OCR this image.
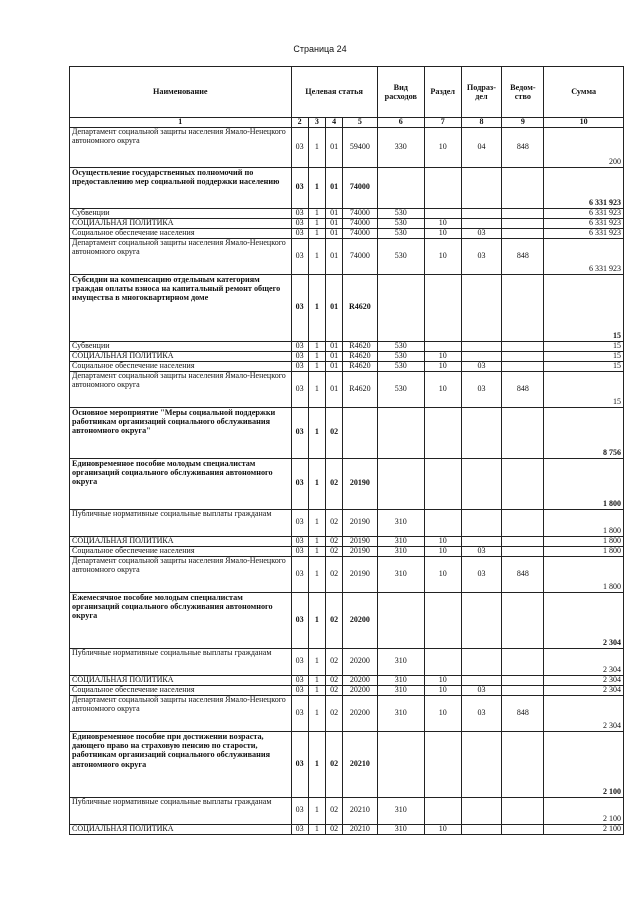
Страница 24
Наименование	Целевая статья				Вид расходов	Раздел	Подраз-дел	Ведом-ство	Сумма
1	2	3	4	5	6	7	8	9	10
Департамент социальной защиты населения Ямало-Ненецкого автономного округа	03	1	01	59400	330	10	04	848	200
Осуществление государственных полномочий по предоставлению мер социальной поддержки населению	03	1	01	74000					6 331 923
Субвенции	03	1	01	74000	530				6 331 923
СОЦИАЛЬНАЯ ПОЛИТИКА	03	1	01	74000	530	10			6 331 923
Социальное обеспечение населения	03	1	01	74000	530	10	03		6 331 923
Департамент социальной защиты населения Ямало-Ненецкого автономного округа	03	1	01	74000	530	10	03	848	6 331 923
Субсидии на компенсацию отдельным категориям граждан оплаты взноса на капитальный ремонт общего имущества в многоквартирном доме	03	1	01	R4620					15
Субвенции	03	1	01	R4620	530				15
СОЦИАЛЬНАЯ ПОЛИТИКА	03	1	01	R4620	530	10			15
Социальное обеспечение населения	03	1	01	R4620	530	10	03		15
Департамент социальной защиты населения Ямало-Ненецкого автономного округа	03	1	01	R4620	530	10	03	848	15
Основное мероприятие "Меры социальной поддержки работникам организаций социального обслуживания автономного округа"	03	1	02						8 756
Единовременное пособие молодым специалистам организаций социального обслуживания автономного округа	03	1	02	20190					1 800
Публичные нормативные социальные выплаты гражданам	03	1	02	20190	310				1 800
СОЦИАЛЬНАЯ ПОЛИТИКА	03	1	02	20190	310	10			1 800
Социальное обеспечение населения	03	1	02	20190	310	10	03		1 800
Департамент социальной защиты населения Ямало-Ненецкого автономного округа	03	1	02	20190	310	10	03	848	1 800
Ежемесячное пособие молодым специалистам организаций социального обслуживания автономного округа	03	1	02	20200					2 304
Публичные нормативные социальные выплаты гражданам	03	1	02	20200	310				2 304
СОЦИАЛЬНАЯ ПОЛИТИКА	03	1	02	20200	310	10			2 304
Социальное обеспечение населения	03	1	02	20200	310	10	03		2 304
Департамент социальной защиты населения Ямало-Ненецкого автономного округа	03	1	02	20200	310	10	03	848	2 304
Единовременное пособие при достижении возраста, дающего право на страховую пенсию по старости, работникам организаций социального обслуживания автономного округа	03	1	02	20210					2 100
Публичные нормативные социальные выплаты гражданам	03	1	02	20210	310				2 100
СОЦИАЛЬНАЯ ПОЛИТИКА	03	1	02	20210	310	10			2 100
